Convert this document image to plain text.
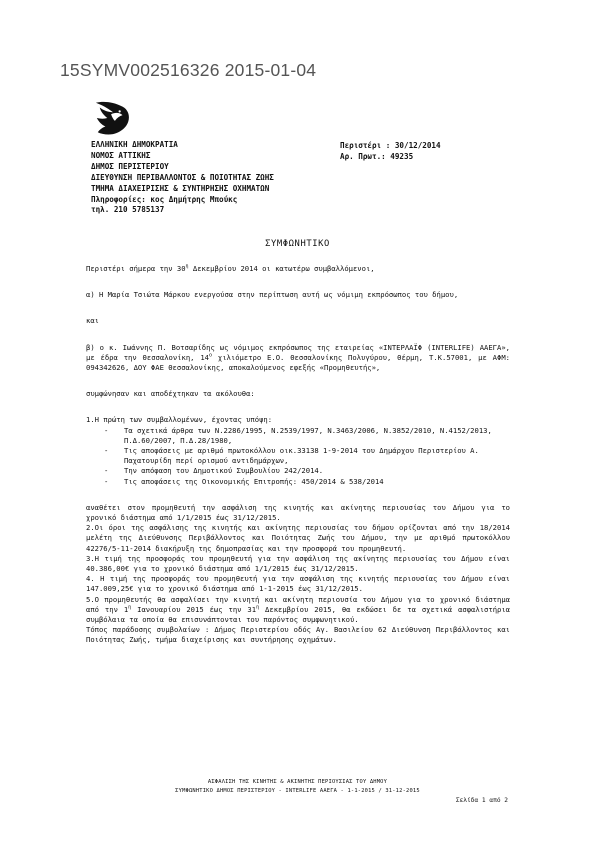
15SYMV002516326 2015-01-04
ΕΛΛΗΝΙΚΗ ΔΗΜΟΚΡΑΤΙΑ
ΝΟΜΟΣ ΑΤΤΙΚΗΣ
ΔΗΜΟΣ ΠΕΡΙΣΤΕΡΙΟΥ
ΔΙΕΥΘΥΝΣΗ ΠΕΡΙΒΑΛΛΟΝΤΟΣ & ΠΟΙΟΤΗΤΑΣ ΖΩΗΣ
ΤΜΗΜΑ ΔΙΑΧΕΙΡΙΣΗΣ & ΣΥΝΤΗΡΗΣΗΣ ΟΧΗΜΑΤΩΝ
Πληροφορίες: κος Δημήτρης Μπούκς
τηλ. 210 5785137
Περιστέρι : 30/12/2014
Αρ. Πρωτ.: 49235
ΣΥΜΦΩΝΗΤΙΚΟ

Περιστέρι σήμερα την $30^\eta$ Δεκεμβρίου 2014 οι κατωτέρω συμβαλλόμενοι,

α) Η Μαρία Τσιώτα Μάρκου ενεργούσα στην περίπτωση αυτή ως νόμιμη εκπρόσωπος του δήμου,

και

β) ο κ. Ιωάννης Π. Βοτσαρίδης ως νόμιμος εκπρόσωπος της εταιρείας «ΙΝΤΕΡΛΑΪΦ (INTERLIFE) ΑΑΕΓΑ», με έδρα την Θεσσαλονίκη, $14^o$ χιλιόμετρο Ε.Ο. Θεσσαλονίκης Πολυγύρου, Θέρμη, Τ.Κ.57001, με ΑΦΜ: 094342626, ΔΟΥ ΦΑΕ Θεσσαλονίκης, αποκαλούμενος εφεξής «Προμηθευτής»,

συμφώνησαν και αποδέχτηκαν τα ακόλουθα:

1.Η πρώτη των συμβαλλομένων, έχοντας υπόψη:

- Τα σχετικά άρθρα των Ν.2286/1995, Ν.2539/1997, Ν.3463/2006, Ν.3852/2010, Ν.4152/2013, Π.Δ.60/2007, Π.Δ.28/1980,
- Τις αποφάσεις με αριθμό πρωτοκόλλου οικ.33138 1-9-2014 του Δημάρχου Περιστερίου Α. Παχατουρίδη περί ορισμού αντιδημάρχων,
- Την απόφαση του Δημοτικού Συμβουλίου 242/2014.
- Τις αποφάσεις της Οικονομικής Επιτροπής: 450/2014 & 538/2014

αναθέτει στον προμηθευτή την ασφάλιση της κινητής και ακίνητης περιουσίας του Δήμου για το χρονικό διάστημα από 1/1/2015 έως 31/12/2015.

2.Οι όροι της ασφάλισης της κινητής και ακίνητης περιουσίας του δήμου ορίζονται από την 18/2014 μελέτη της Διεύθυνσης Περιβάλλοντος και Ποιότητας Ζωής του Δήμου, την με αριθμό πρωτοκόλλου 42276/5-11-2014 διακήρυξη της δημοπρασίας και την προσφορά του προμηθευτή.

3.Η τιμή της προσφοράς του προμηθευτή για την ασφάλιση της ακίνητης περιουσίας του Δήμου είναι 40.386,00€ για το χρονικό διάστημα από 1/1/2015 έως 31/12/2015.

4. Η τιμή της προσφοράς του προμηθευτή για την ασφάλιση της κινητής περιουσίας του Δήμου είναι 147.009,25€ για το χρονικό διάστημα από 1-1-2015 έως 31/12/2015.

5.Ο προμηθευτής θα ασφαλίσει την κινητή και ακίνητη περιουσία του Δήμου για το χρονικό διάστημα από την $1^\eta$ Ιανουαρίου 2015 έως την $31^\eta$ Δεκεμβρίου 2015, θα εκδώσει δε τα σχετικά ασφαλιστήρια συμβόλαια τα οποία θα επισυνάπτονται του παρόντος συμφωνητικού.

Τόπος παράδοσης συμβολαίων : Δήμος Περιστερίου οδός Αγ. Βασιλείου 62 Διεύθυνση Περιβάλλοντος και Ποιότητας Ζωής, τμήμα διαχείρισης και συντήρησης οχημάτων.

ΑΣΦΑΛΙΣΗ ΤΗΣ ΚΙΝΗΤΗΣ & ΑΚΙΝΗΤΗΣ ΠΕΡΙΟΥΣΙΑΣ ΤΟΥ ΔΗΜΟΥ
ΣΥΜΦΩΝΗΤΙΚΟ ΔΗΜΟΣ ΠΕΡΙΣΤΕΡΙΟΥ - INTERLIFE ΑΑΕΓΑ - 1-1-2015 / 31-12-2015
Σελίδα 1 από 2
